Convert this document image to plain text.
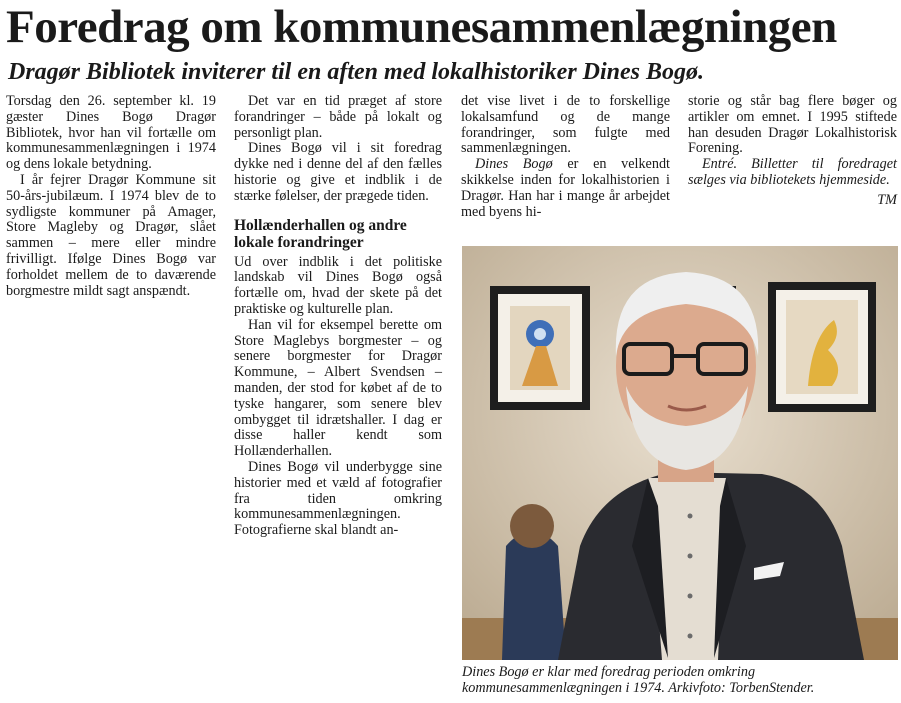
Foredrag om kommunesammenlægningen
Dragør Bibliotek inviterer til en aften med lokalhistoriker Dines Bogø.

Torsdag den 26. september kl. 19 gæster Dines Bogø Dragør Bibliotek, hvor han vil fortælle om kommunesammenlægningen i 1974 og dens lokale betydning.

I år fejrer Dragør Kommune sit 50-års-jubilæum. I 1974 blev de to sydligste kommuner på Amager, Store Magleby og Dragør, slået sammen – mere eller mindre frivilligt. Ifølge Dines Bogø var forholdet mellem de to daværende borgmestre mildt sagt anspændt.

Det var en tid præget af store forandringer – både på lokalt og personligt plan.

Dines Bogø vil i sit foredrag dykke ned i denne del af den fælles historie og give et indblik i de stærke følelser, der prægede tiden.

Hollænderhallen og andre lokale forandringer

Ud over indblik i det politiske landskab vil Dines Bogø også fortælle om, hvad der skete på det praktiske og kulturelle plan.

Han vil for eksempel berette om Store Maglebys borgmester – og senere borgmester for Dragør Kommune, – Albert Svendsen – manden, der stod for købet af de to tyske hangarer, som senere blev ombygget til idrætshaller. I dag er disse haller kendt som Hollænderhallen.

Dines Bogø vil underbygge sine historier med et væld af fotografier fra tiden omkring kommunesammenlægningen. Fotografierne skal blandt an-

det vise livet i de to forskellige lokalsamfund og de mange forandringer, som fulgte med sammenlægningen.

Dines Bogø er en velkendt skikkelse inden for lokalhistorien i Dragør. Han har i mange år arbejdet med byens hi-

storie og står bag flere bøger og artikler om emnet. I 1995 stiftede han desuden Dragør Lokalhistorisk Forening.

Entré. Billetter til foredraget sælges via bibliotekets hjemmeside.

TM
Dines Bogø er klar med foredrag perioden omkring kommunesammenlægningen i 1974. Arkivfoto: TorbenStender.
